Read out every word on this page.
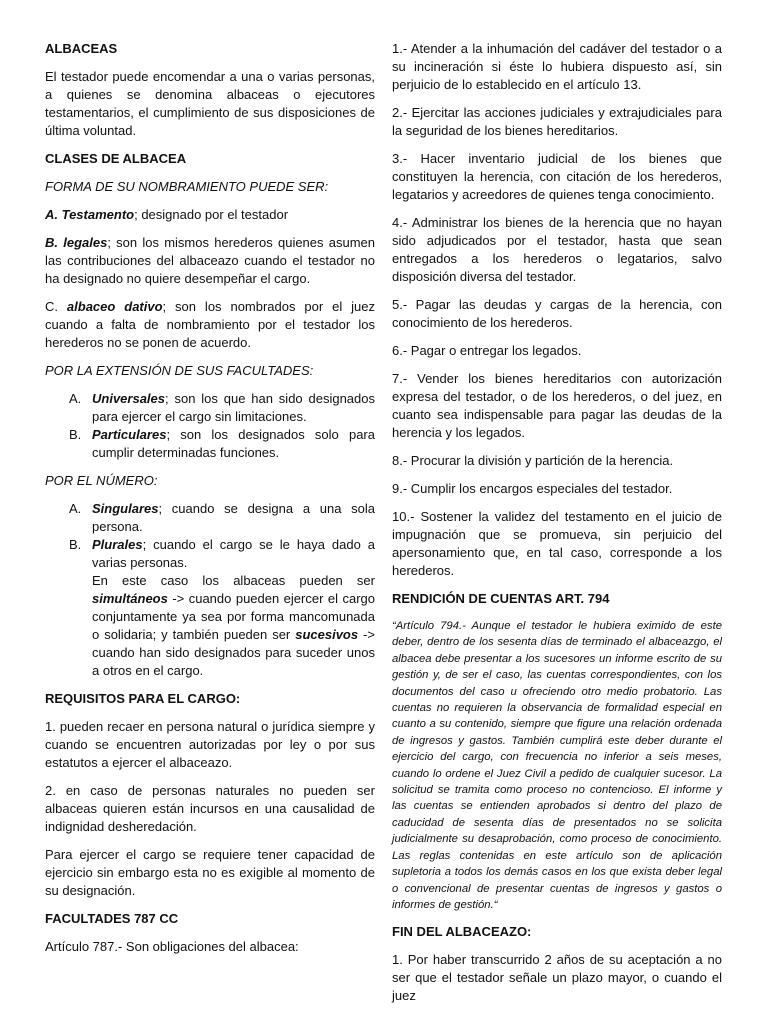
ALBACEAS

El testador puede encomendar a una o varias personas, a quienes se denomina albaceas o ejecutores testamentarios, el cumplimiento de sus disposiciones de última voluntad.

CLASES DE ALBACEA

FORMA DE SU NOMBRAMIENTO PUEDE SER:

A. Testamento; designado por el testador

B. legales; son los mismos herederos quienes asumen las contribuciones del albaceazo cuando el testador no ha designado no quiere desempeñar el cargo.

C. albaceo dativo; son los nombrados por el juez cuando a falta de nombramiento por el testador los herederos no se ponen de acuerdo.

POR LA EXTENSIÓN DE SUS FACULTADES:

A. Universales; son los que han sido designados para ejercer el cargo sin limitaciones.
B. Particulares; son los designados solo para cumplir determinadas funciones.

POR EL NÚMERO:

A. Singulares; cuando se designa a una sola persona.
B. Plurales; cuando el cargo se le haya dado a varias personas.
En este caso los albaceas pueden ser simultáneos -> cuando pueden ejercer el cargo conjuntamente ya sea por forma mancomunada o solidaria; y también pueden ser sucesivos -> cuando han sido designados para suceder unos a otros en el cargo.

REQUISITOS PARA EL CARGO:

1. pueden recaer en persona natural o jurídica siempre y cuando se encuentren autorizadas por ley o por sus estatutos a ejercer el albaceazo.

2. en caso de personas naturales no pueden ser albaceas quieren están incursos en una causalidad de indignidad desheredación.

Para ejercer el cargo se requiere tener capacidad de ejercicio sin embargo esta no es exigible al momento de su designación.

FACULTADES 787 CC

Artículo 787.- Son obligaciones del albacea:

1.- Atender a la inhumación del cadáver del testador o a su incineración si éste lo hubiera dispuesto así, sin perjuicio de lo establecido en el artículo 13.

2.- Ejercitar las acciones judiciales y extrajudiciales para la seguridad de los bienes hereditarios.

3.- Hacer inventario judicial de los bienes que constituyen la herencia, con citación de los herederos, legatarios y acreedores de quienes tenga conocimiento.

4.- Administrar los bienes de la herencia que no hayan sido adjudicados por el testador, hasta que sean entregados a los herederos o legatarios, salvo disposición diversa del testador.

5.- Pagar las deudas y cargas de la herencia, con conocimiento de los herederos.

6.- Pagar o entregar los legados.

7.- Vender los bienes hereditarios con autorización expresa del testador, o de los herederos, o del juez, en cuanto sea indispensable para pagar las deudas de la herencia y los legados.

8.- Procurar la división y partición de la herencia.

9.- Cumplir los encargos especiales del testador.

10.- Sostener la validez del testamento en el juicio de impugnación que se promueva, sin perjuicio del apersonamiento que, en tal caso, corresponde a los herederos.

RENDICIÓN DE CUENTAS ART. 794

“Artículo 794.- Aunque el testador le hubiera eximido de este deber, dentro de los sesenta días de terminado el albaceazgo, el albacea debe presentar a los sucesores un informe escrito de su gestión y, de ser el caso, las cuentas correspondientes, con los documentos del caso u ofreciendo otro medio probatorio. Las cuentas no requieren la observancia de formalidad especial en cuanto a su contenido, siempre que figure una relación ordenada de ingresos y gastos. También cumplirá este deber durante el ejercicio del cargo, con frecuencia no inferior a seis meses, cuando lo ordene el Juez Civil a pedido de cualquier sucesor. La solicitud se tramita como proceso no contencioso. El informe y las cuentas se entienden aprobados si dentro del plazo de caducidad de sesenta días de presentados no se solicita judicialmente su desaprobación, como proceso de conocimiento. Las reglas contenidas en este artículo son de aplicación supletoria a todos los demás casos en los que exista deber legal o convencional de presentar cuentas de ingresos y gastos o informes de gestión.“

FIN DEL ALBACEAZO:

1. Por haber transcurrido 2 años de su aceptación a no ser que el testador señale un plazo mayor, o cuando el juez
